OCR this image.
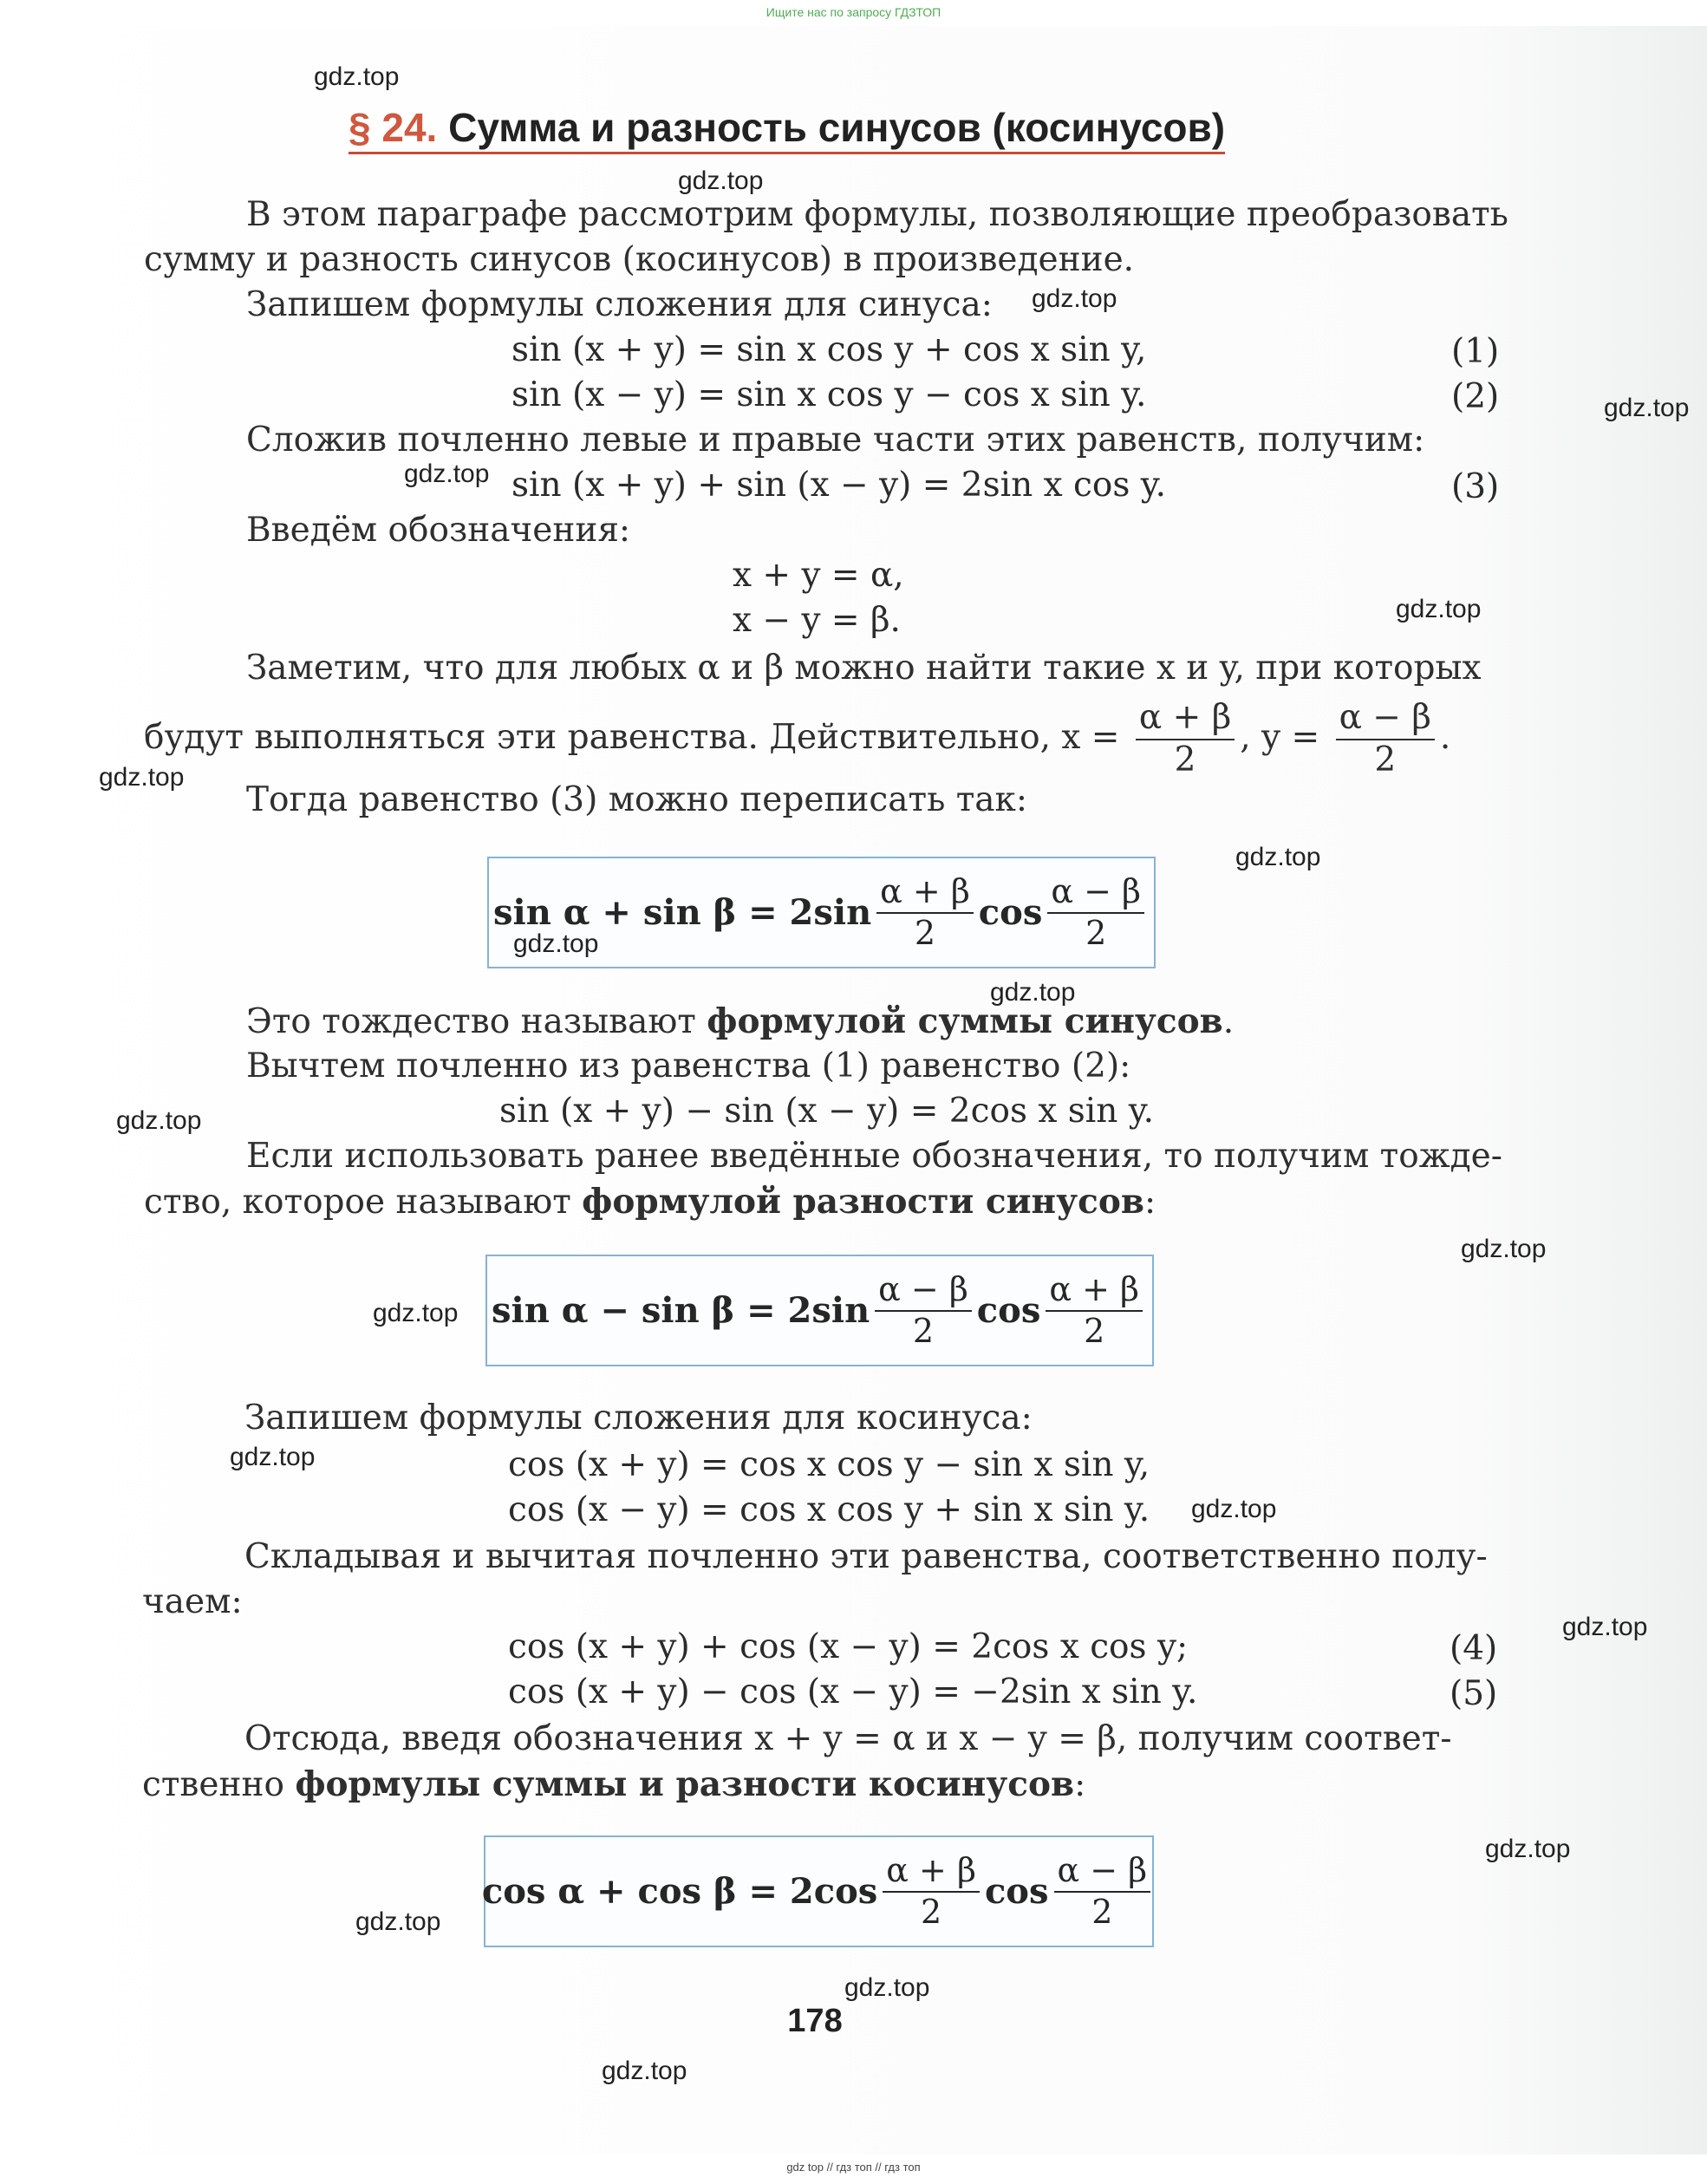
Ищите нас по запросу ГДЗТОП
§ 24. Сумма и разность синусов (косинусов)
В этом параграфе рассмотрим формулы, позволяющие преобразовать
сумму и разность синусов (косинусов) в произведение.
Запишем формулы сложения для синуса:
sin (x + y) = sin x cos y + cos x sin y,	(1)
sin (x − y) = sin x cos y − cos x sin y.	(2)
Сложив почленно левые и правые части этих равенств, получим:
sin (x + y) + sin (x − y) = 2sin x cos y.	(3)
Введём обозначения:
x + y = α,
x − y = β.
Заметим, что для любых α и β можно найти такие x и y, при которых
будут выполняться эти равенства. Действительно, $x = \frac{\alpha + \beta}{2}$ , $y = \frac{\alpha - \beta}{2}$ .
Тогда равенство (3) можно переписать так:
$\sin \alpha + \sin \beta = 2\sin \frac{\alpha + \beta}{2}$ $\cos \frac{\alpha - \beta}{2}$
Это тождество называют формулой суммы синусов.
Вычтем почленно из равенства (1) равенство (2):
sin (x + y) − sin (x − y) = 2cos x sin y.
Если использовать ранее введённые обозначения, то получим тожде-
ство, которое называют формулой разности синусов:
$\sin \alpha - \sin \beta = 2\sin \frac{\alpha - \beta}{2}$ $\cos \frac{\alpha + \beta}{2}$
Запишем формулы сложения для косинуса:
cos (x + y) = cos x cos y − sin x sin y,
cos (x − y) = cos x cos y + sin x sin y.
Складывая и вычитая почленно эти равенства, соответственно полу-
чаем:
cos (x + y) + cos (x − y) = 2cos x cos y;	(4)
cos (x + y) − cos (x − y) = −2sin x sin y.	(5)
Отсюда, введя обозначения x + y = α и x − y = β, получим соответ-
ственно формулы суммы и разности косинусов:
$\cos \alpha + \cos \beta = 2\cos \frac{\alpha + \beta}{2}$ $\cos \frac{\alpha - \beta}{2}$
178
gdz top // гдз топ // гдз топ
gdz.top
gdz.top
gdz.top
gdz.top
gdz.top
gdz.top
gdz.top
gdz.top
gdz.top
gdz.top
gdz.top
gdz.top
gdz.top
gdz.top
gdz.top
gdz.top
gdz.top
gdz.top
gdz.top
gdz.top
